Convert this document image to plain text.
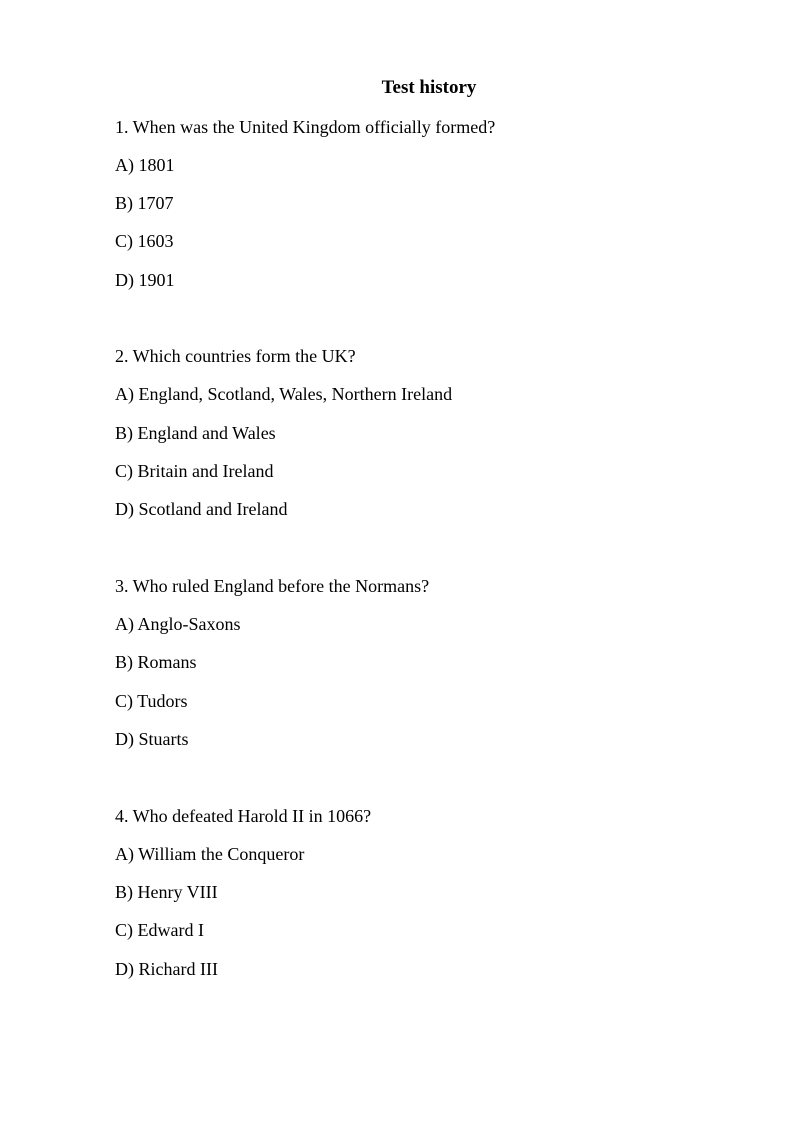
Test history
1. When was the United Kingdom officially formed?
A) 1801
B) 1707
C) 1603
D) 1901
2. Which countries form the UK?
A) England, Scotland, Wales, Northern Ireland
B) England and Wales
C) Britain and Ireland
D) Scotland and Ireland
3. Who ruled England before the Normans?
A) Anglo-Saxons
B) Romans
C) Tudors
D) Stuarts
4. Who defeated Harold II in 1066?
A) William the Conqueror
B) Henry VIII
C) Edward I
D) Richard III
